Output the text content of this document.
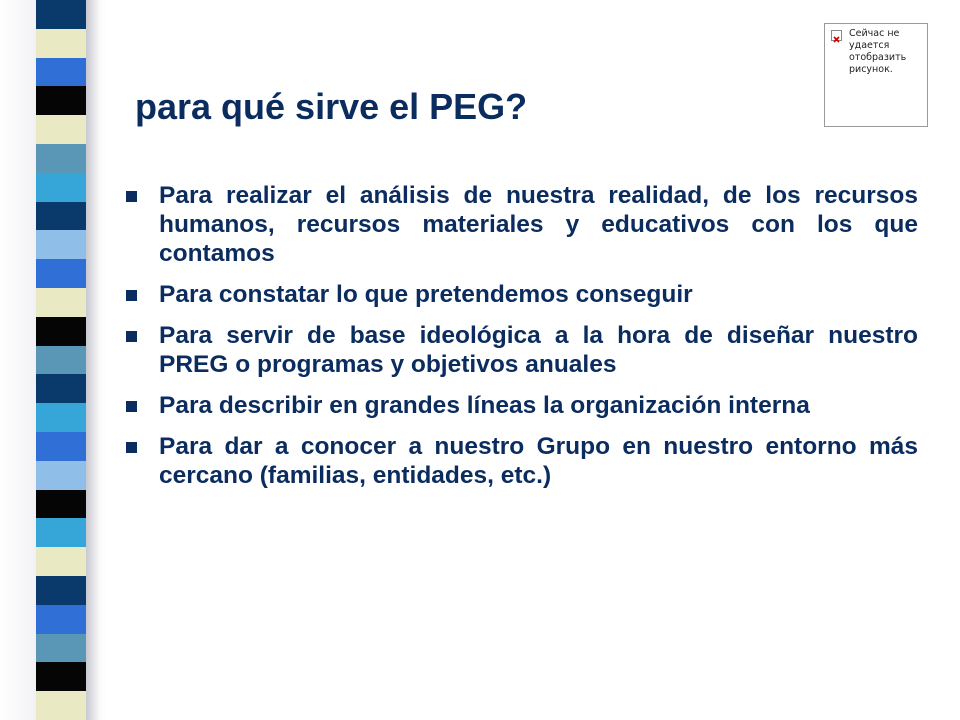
Сейчас не удается отобразить рисунок.
para qué sirve el PEG?
Para realizar el análisis de nuestra realidad, de los recursos humanos, recursos materiales y educativos con los que contamos
Para constatar lo que pretendemos conseguir
Para servir de base ideológica a la hora de diseñar nuestro PREG o programas y objetivos anuales
Para describir en grandes líneas la organización interna
Para dar a conocer a nuestro Grupo en nuestro entorno más cercano (familias, entidades, etc.)
